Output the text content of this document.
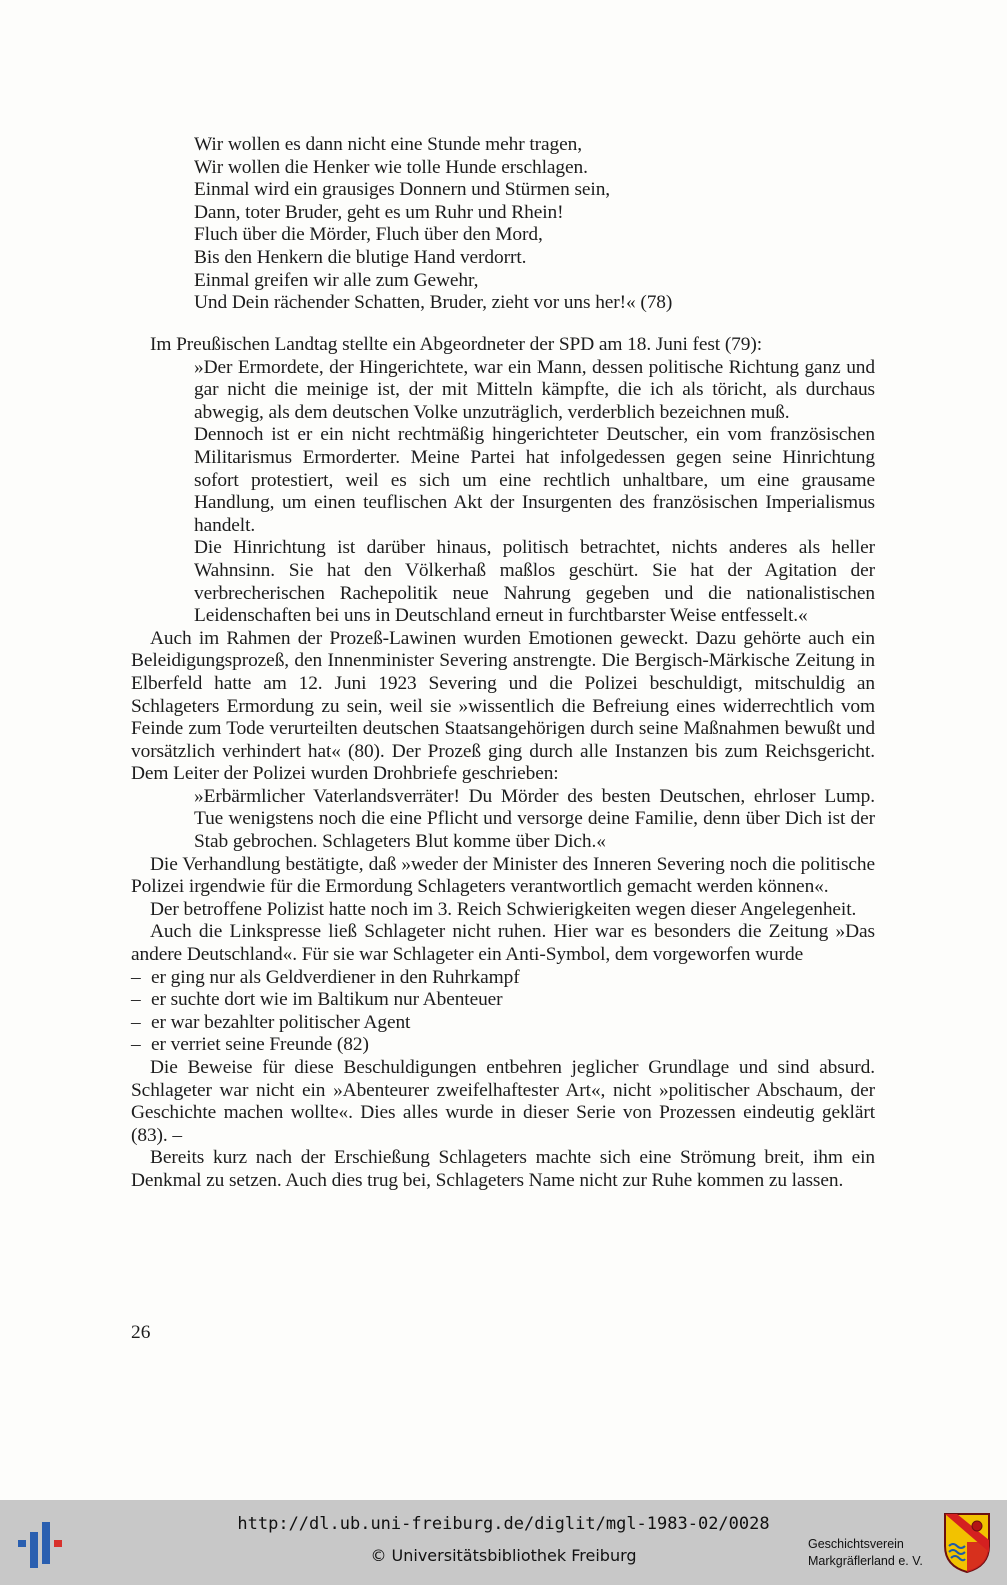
Wir wollen es dann nicht eine Stunde mehr tragen,
Wir wollen die Henker wie tolle Hunde erschlagen.
Einmal wird ein grausiges Donnern und Stürmen sein,
Dann, toter Bruder, geht es um Ruhr und Rhein!
Fluch über die Mörder, Fluch über den Mord,
Bis den Henkern die blutige Hand verdorrt.
Einmal greifen wir alle zum Gewehr,
Und Dein rächender Schatten, Bruder, zieht vor uns her!« (78)
Im Preußischen Landtag stellte ein Abgeordneter der SPD am 18. Juni fest (79):
»Der Ermordete, der Hingerichtete, war ein Mann, dessen politische Richtung ganz und gar nicht die meinige ist, der mit Mitteln kämpfte, die ich als töricht, als durchaus abwegig, als dem deutschen Volke unzuträglich, verderblich bezeichnen muß.
Dennoch ist er ein nicht rechtmäßig hingerichteter Deutscher, ein vom französischen Militarismus Ermorderter. Meine Partei hat infolgedessen gegen seine Hinrichtung sofort protestiert, weil es sich um eine rechtlich unhaltbare, um eine grausame Handlung, um einen teuflischen Akt der Insurgenten des französischen Imperialismus handelt.
Die Hinrichtung ist darüber hinaus, politisch betrachtet, nichts anderes als heller Wahnsinn. Sie hat den Völkerhaß maßlos geschürt. Sie hat der Agitation der verbrecherischen Rachepolitik neue Nahrung gegeben und die nationalistischen Leidenschaften bei uns in Deutschland erneut in furchtbarster Weise entfesselt.«
Auch im Rahmen der Prozeß-Lawinen wurden Emotionen geweckt. Dazu gehörte auch ein Beleidigungsprozeß, den Innenminister Severing anstrengte. Die Bergisch-Märkische Zeitung in Elberfeld hatte am 12. Juni 1923 Severing und die Polizei beschuldigt, mitschuldig an Schlageters Ermordung zu sein, weil sie »wissentlich die Befreiung eines widerrechtlich vom Feinde zum Tode verurteilten deutschen Staatsangehörigen durch seine Maßnahmen bewußt und vorsätzlich verhindert hat« (80). Der Prozeß ging durch alle Instanzen bis zum Reichsgericht. Dem Leiter der Polizei wurden Drohbriefe geschrieben:
»Erbärmlicher Vaterlandsverräter! Du Mörder des besten Deutschen, ehrloser Lump. Tue wenigstens noch die eine Pflicht und versorge deine Familie, denn über Dich ist der Stab gebrochen. Schlageters Blut komme über Dich.«
Die Verhandlung bestätigte, daß »weder der Minister des Inneren Severing noch die politische Polizei irgendwie für die Ermordung Schlageters verantwortlich gemacht werden können«.
Der betroffene Polizist hatte noch im 3. Reich Schwierigkeiten wegen dieser Angelegenheit.
Auch die Linkspresse ließ Schlageter nicht ruhen. Hier war es besonders die Zeitung »Das andere Deutschland«. Für sie war Schlageter ein Anti-Symbol, dem vorgeworfen wurde
– er ging nur als Geldverdiener in den Ruhrkampf
– er suchte dort wie im Baltikum nur Abenteuer
– er war bezahlter politischer Agent
– er verriet seine Freunde (82)
Die Beweise für diese Beschuldigungen entbehren jeglicher Grundlage und sind absurd. Schlageter war nicht ein »Abenteurer zweifelhaftester Art«, nicht »politischer Abschaum, der Geschichte machen wollte«. Dies alles wurde in dieser Serie von Prozessen eindeutig geklärt (83). –
Bereits kurz nach der Erschießung Schlageters machte sich eine Strömung breit, ihm ein Denkmal zu setzen. Auch dies trug bei, Schlageters Name nicht zur Ruhe kommen zu lassen.
26
http://dl.ub.uni-freiburg.de/diglit/mgl-1983-02/0028
© Universitätsbibliothek Freiburg
Geschichtsverein
Markgräflerland e. V.
